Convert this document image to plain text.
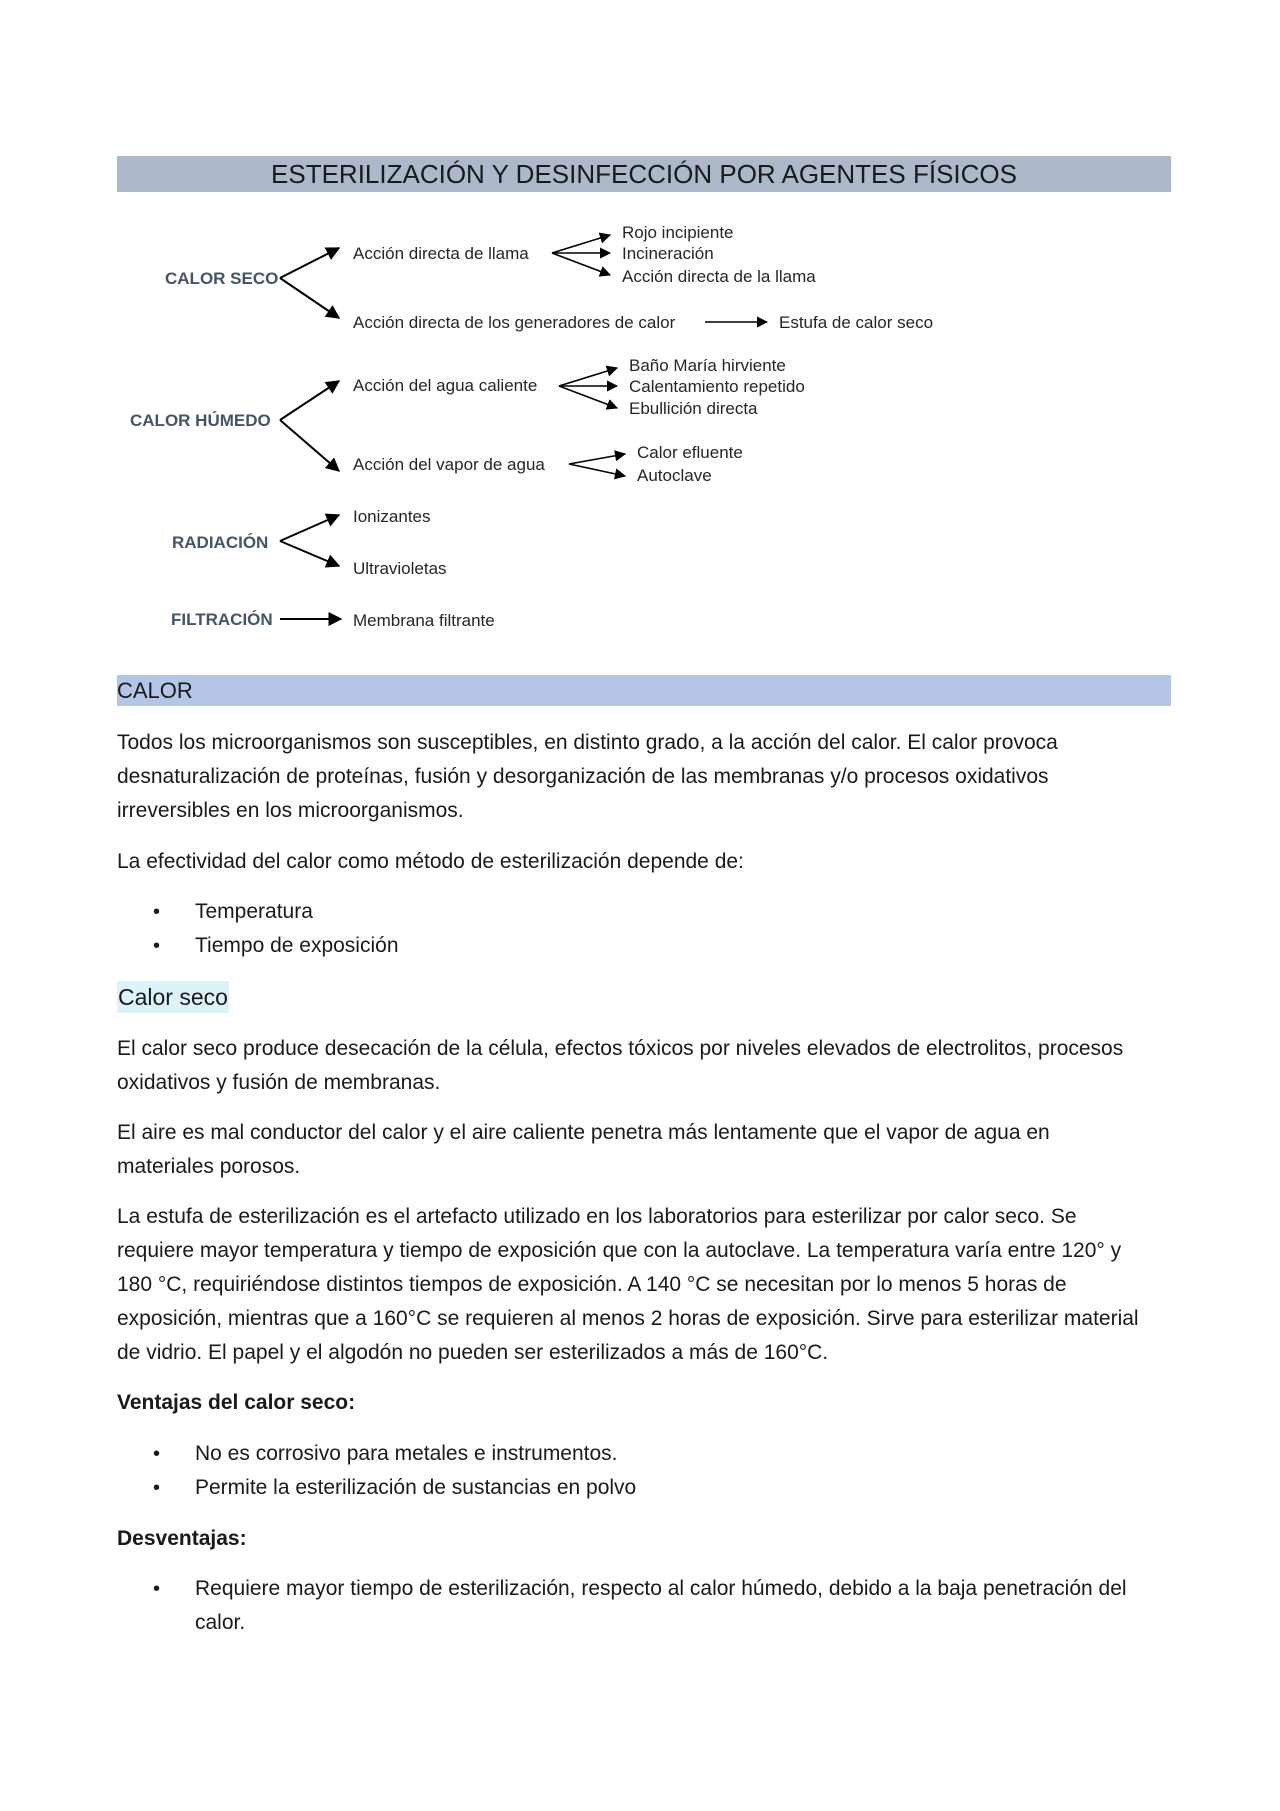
ESTERILIZACIÓN Y DESINFECCIÓN POR AGENTES FÍSICOS
CALOR SECO
Acción directa de llama
Rojo incipiente
Incineración
Acción directa de la llama
Acción directa de los generadores de calor	Estufa de calor seco
CALOR HÚMEDO
Acción del agua caliente
Baño María hirviente
Calentamiento repetido
Ebullición directa
Acción del vapor de agua
Calor efluente
Autoclave
RADIACIÓN
Ionizantes
Ultravioletas
FILTRACIÓN	Membrana filtrante
CALOR

Todos los microorganismos son susceptibles, en distinto grado, a la acción del calor. El calor provoca

desnaturalización de proteínas, fusión y desorganización de las membranas y/o procesos oxidativos

irreversibles en los microorganismos.

La efectividad del calor como método de esterilización depende de:

• Temperatura
• Tiempo de exposición
Calor seco

El calor seco produce desecación de la célula, efectos tóxicos por niveles elevados de electrolitos, procesos

oxidativos y fusión de membranas.

El aire es mal conductor del calor y el aire caliente penetra más lentamente que el vapor de agua en

materiales porosos.

La estufa de esterilización es el artefacto utilizado en los laboratorios para esterilizar por calor seco. Se

requiere mayor temperatura y tiempo de exposición que con la autoclave. La temperatura varía entre 120° y

180 °C, requiriéndose distintos tiempos de exposición. A 140 °C se necesitan por lo menos 5 horas de

exposición, mientras que a 160°C se requieren al menos 2 horas de exposición. Sirve para esterilizar material

de vidrio. El papel y el algodón no pueden ser esterilizados a más de 160°C.

Ventajas del calor seco:

• No es corrosivo para metales e instrumentos.
• Permite la esterilización de sustancias en polvo

Desventajas:

• Requiere mayor tiempo de esterilización, respecto al calor húmedo, debido a la baja penetración del
calor.
